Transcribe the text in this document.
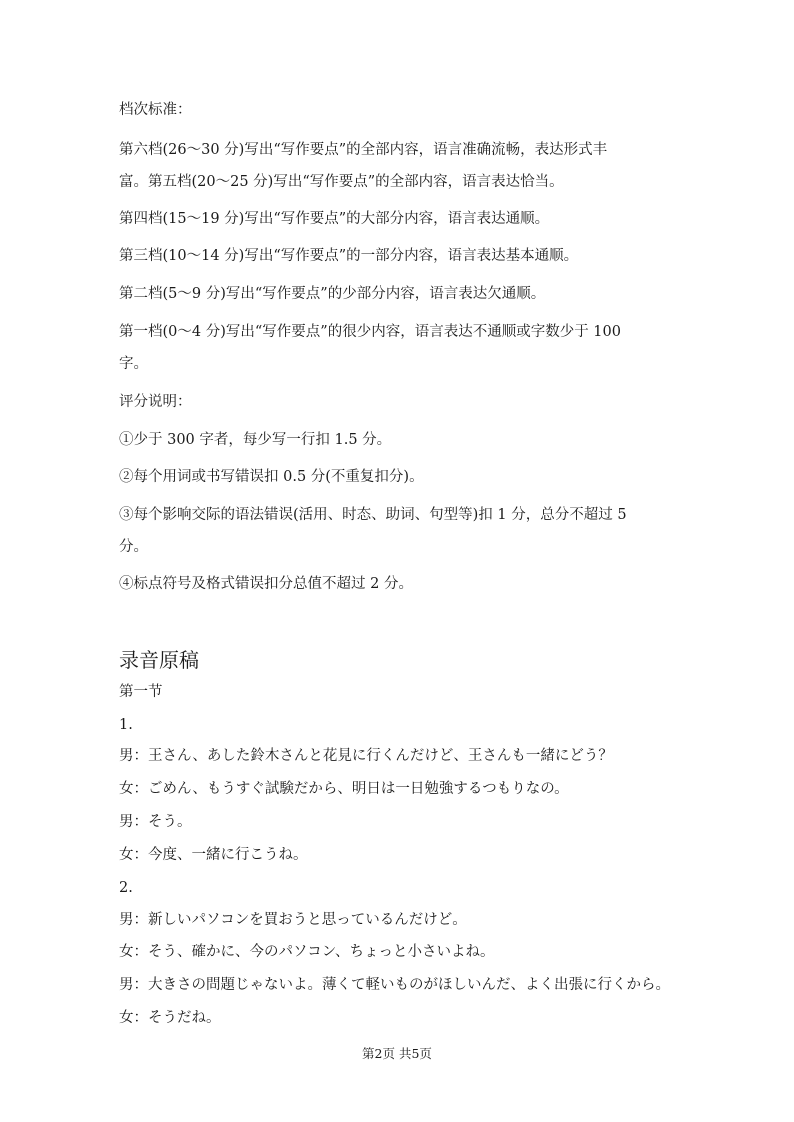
档次标准：
第六档(26～30 分)写出“写作要点”的全部内容，语言准确流畅，表达形式丰
富。第五档(20～25 分)写出“写作要点”的全部内容，语言表达恰当。
第四档(15～19 分)写出“写作要点”的大部分内容，语言表达通顺。
第三档(10～14 分)写出“写作要点”的一部分内容，语言表达基本通顺。
第二档(5～9 分)写出“写作要点”的少部分内容，语言表达欠通顺。
第一档(0～4 分)写出“写作要点”的很少内容，语言表达不通顺或字数少于 100
字。
评分说明：
①少于 300 字者，每少写一行扣 1.5 分。
②每个用词或书写错误扣 0.5 分(不重复扣分)。
③每个影响交际的语法错误(活用、时态、助词、句型等)扣 1 分，总分不超过 5
分。
④标点符号及格式错误扣分总值不超过 2 分。
录音原稿
第一节
1.
男：王さん、あした鈴木さんと花見に行くんだけど、王さんも一緒にどう？
女：ごめん、もうすぐ試験だから、明日は一日勉強するつもりなの。
男：そう。
女：今度、一緒に行こうね。
2.
男：新しいパソコンを買おうと思っているんだけど。
女：そう、確かに、今のパソコン、ちょっと小さいよね。
男：大きさの問題じゃないよ。薄くて軽いものがほしいんだ、よく出張に行くから。
女：そうだね。
第2页 共5页
